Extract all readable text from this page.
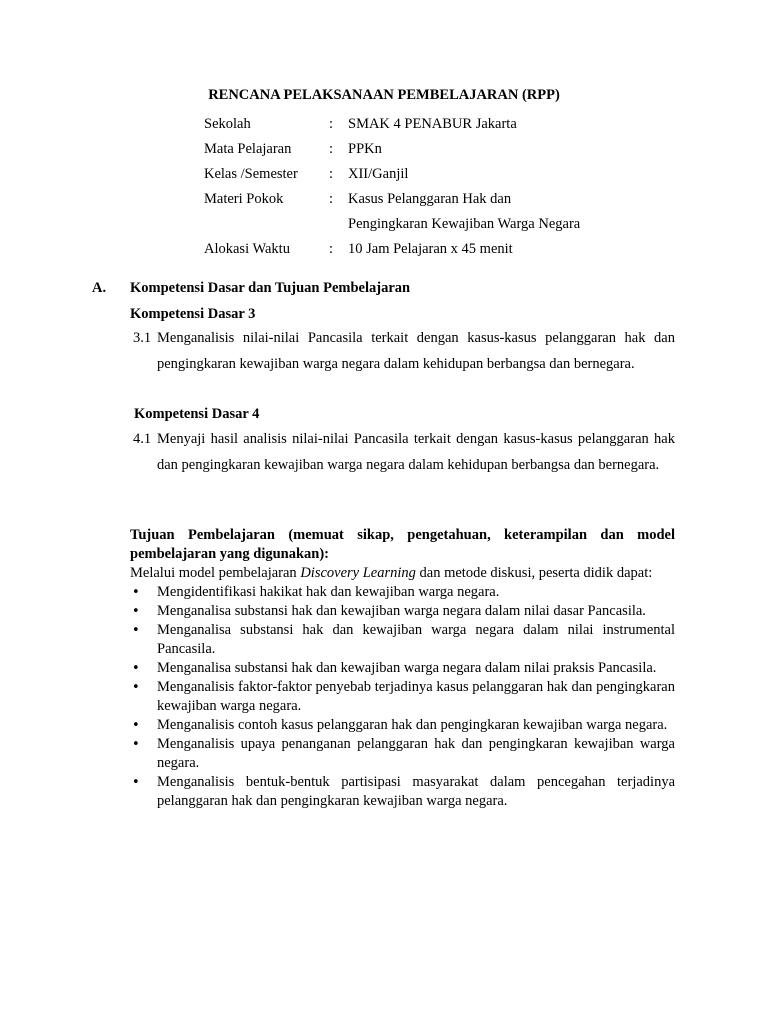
RENCANA PELAKSANAAN PEMBELAJARAN (RPP)
Sekolah	: SMAK 4 PENABUR Jakarta
Mata Pelajaran	: PPKn
Kelas /Semester	: XII/Ganjil
Materi Pokok	: Kasus Pelanggaran Hak dan
Pengingkaran Kewajiban Warga Negara
Alokasi Waktu	: 10 Jam Pelajaran x 45 menit
A. Kompetensi Dasar dan Tujuan Pembelajaran
Kompetensi Dasar 3
3.1 Menganalisis nilai-nilai Pancasila terkait dengan kasus-kasus pelanggaran hak dan pengingkaran kewajiban warga negara dalam kehidupan berbangsa dan bernegara.
Kompetensi Dasar 4
4.1 Menyaji hasil analisis nilai-nilai Pancasila terkait dengan kasus-kasus pelanggaran hak dan pengingkaran kewajiban warga negara dalam kehidupan berbangsa dan bernegara.
Tujuan Pembelajaran (memuat sikap, pengetahuan, keterampilan dan model pembelajaran yang digunakan):
Melalui model pembelajaran Discovery Learning dan metode diskusi, peserta didik dapat:
• Mengidentifikasi hakikat hak dan kewajiban warga negara.
• Menganalisa substansi hak dan kewajiban warga negara dalam nilai dasar Pancasila.
• Menganalisa substansi hak dan kewajiban warga negara dalam nilai instrumental Pancasila.
• Menganalisa substansi hak dan kewajiban warga negara dalam nilai praksis Pancasila.
• Menganalisis faktor-faktor penyebab terjadinya kasus pelanggaran hak dan pengingkaran kewajiban warga negara.
• Menganalisis contoh kasus pelanggaran hak dan pengingkaran kewajiban warga negara.
• Menganalisis upaya penanganan pelanggaran hak dan pengingkaran kewajiban warga negara.
• Menganalisis bentuk-bentuk partisipasi masyarakat dalam pencegahan terjadinya pelanggaran hak dan pengingkaran kewajiban warga negara.
